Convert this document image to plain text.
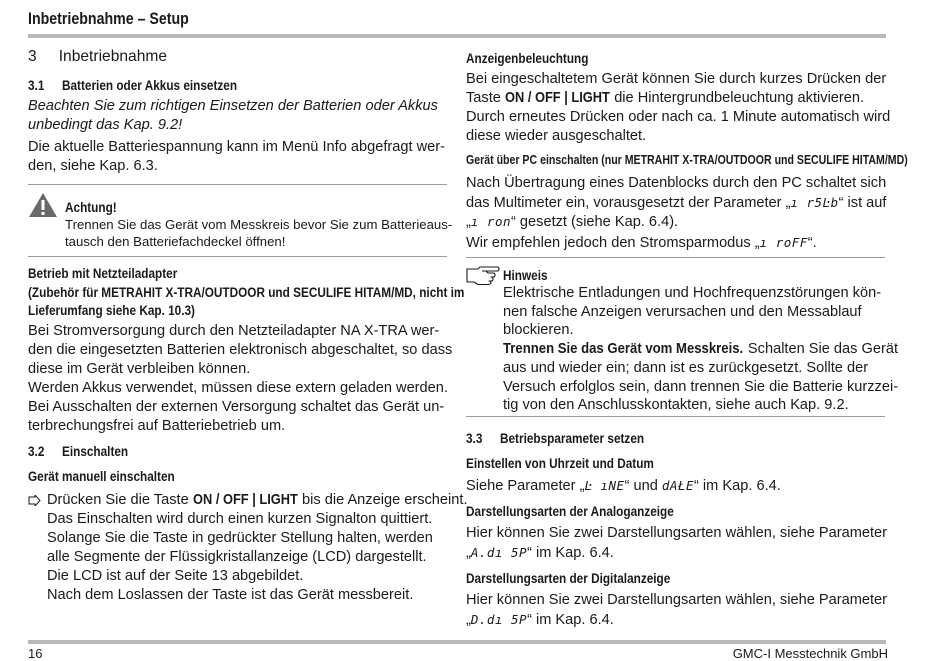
Inbetriebnahme – Setup
3 Inbetriebnahme
3.1 Batterien oder Akkus einsetzen
Beachten Sie zum richtigen Einsetzen der Batterien oder Akkus
unbedingt das Kap. 9.2!
Die aktuelle Batteriespannung kann im Menü Info abgefragt wer-
den, siehe Kap. 6.3.
Achtung!
Trennen Sie das Gerät vom Messkreis bevor Sie zum Batterieaus-
tausch den Batteriefachdeckel öffnen!
Betrieb mit Netzteiladapter
(Zubehör für METRAHIT X-TRA/OUTDOOR und SECULIFE HITAM/MD, nicht im
Lieferumfang siehe Kap. 10.3)
Bei Stromversorgung durch den Netzteiladapter NA X-TRA wer-
den die eingesetzten Batterien elektronisch abgeschaltet, so dass
diese im Gerät verbleiben können.
Werden Akkus verwendet, müssen diese extern geladen werden.
Bei Ausschalten der externen Versorgung schaltet das Gerät un-
terbrechungsfrei auf Batteriebetrieb um.
3.2 Einschalten
Gerät manuell einschalten
Drücken Sie die Taste ON / OFF | LIGHT bis die Anzeige erscheint.
Das Einschalten wird durch einen kurzen Signalton quittiert.
Solange Sie die Taste in gedrückter Stellung halten, werden
alle Segmente der Flüssigkristallanzeige (LCD) dargestellt.
Die LCD ist auf der Seite 13 abgebildet.
Nach dem Loslassen der Taste ist das Gerät messbereit.
Anzeigenbeleuchtung
Bei eingeschaltetem Gerät können Sie durch kurzes Drücken der
Taste ON / OFF | LIGHT die Hintergrundbeleuchtung aktivieren.
Durch erneutes Drücken oder nach ca. 1 Minute automatisch wird
diese wieder ausgeschaltet.
Gerät über PC einschalten (nur METRAHIT X-TRA/OUTDOOR und SECULIFE HITAM/MD)
Nach Übertragung eines Datenblocks durch den PC schaltet sich
das Multimeter ein, vorausgesetzt der Parameter „ı r5Ŀb“ ist auf
„ı ron“ gesetzt (siehe Kap. 6.4).
Wir empfehlen jedoch den Stromsparmodus „ı roFF“.
Hinweis
Elektrische Entladungen und Hochfrequenzstörungen kön-
nen falsche Anzeigen verursachen und den Messablauf
blockieren.
Trennen Sie das Gerät vom Messkreis. Schalten Sie das Gerät
aus und wieder ein; dann ist es zurückgesetzt. Sollte der
Versuch erfolglos sein, dann trennen Sie die Batterie kurzzei-
tig von den Anschlusskontakten, siehe auch Kap. 9.2.
3.3 Betriebsparameter setzen
Einstellen von Uhrzeit und Datum
Siehe Parameter „Ŀ ıNE“ und dAŁE“ im Kap. 6.4.
Darstellungsarten der Analoganzeige
Hier können Sie zwei Darstellungsarten wählen, siehe Parameter
„A.dı 5P“ im Kap. 6.4.
Darstellungsarten der Digitalanzeige
Hier können Sie zwei Darstellungsarten wählen, siehe Parameter
„D.dı 5P“ im Kap. 6.4.
16	GMC-I Messtechnik GmbH
